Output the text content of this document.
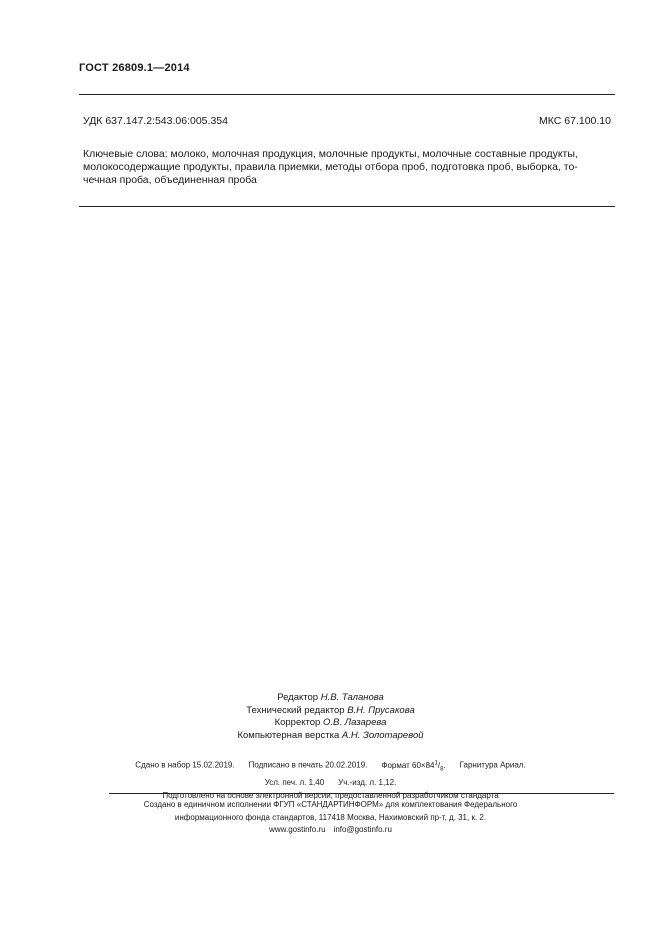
ГОСТ 26809.1—2014
УДК 637.147.2:543.06:005.354	МКС 67.100.10
Ключевые слова: молоко, молочная продукция, молочные продукты, молочные составные продукты,
молокосодержащие продукты, правила приемки, методы отбора проб, подготовка проб, выборка, то-
чечная проба, объединенная проба
Редактор Н.В. Таланова
Технический редактор В.Н. Прусакова
Корректор О.В. Лазарева
Компьютерная верстка А.Н. Золотаревой
Сдано в набор 15.02.2019. Подписано в печать 20.02.2019. Формат $60\times 84^1/_8$. Гарнитура Ариал.
Усл. печ. л. 1,40 Уч.-изд. л. 1,12.
Подготовлено на основе электронной версии, предоставленной разработчиком стандарта
Создано в единичном исполнении ФГУП «СТАНДАРТИНФОРМ» для комплектования Федерального
информационного фонда стандартов, 117418 Москва, Нахимовский пр-т, д. 31, к. 2.
www.gostinfo.ru info@gostinfo.ru
